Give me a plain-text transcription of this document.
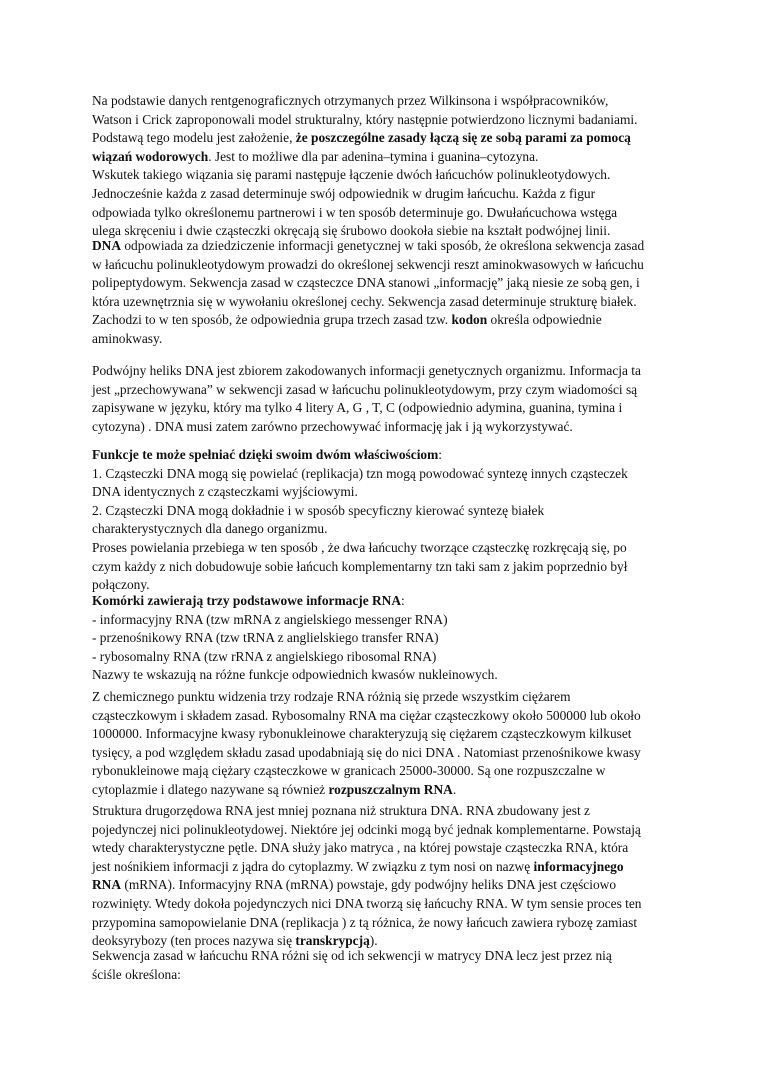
Na podstawie danych rentgenograficznych otrzymanych przez Wilkinsona i współpracowników,
Watson i Crick zaproponowali model strukturalny, który następnie potwierdzono licznymi badaniami.
Podstawą tego modelu jest założenie, że poszczególne zasady łączą się ze sobą parami za pomocą
wiązań wodorowych. Jest to możliwe dla par adenina–tymina i guanina–cytozyna.
Wskutek takiego wiązania się parami następuje łączenie dwóch łańcuchów polinukleotydowych.
Jednocześnie każda z zasad determinuje swój odpowiednik w drugim łańcuchu. Każda z figur
odpowiada tylko określonemu partnerowi i w ten sposób determinuje go. Dwułańcuchowa wstęga
ulega skręceniu i dwie cząsteczki okręcają się śrubowo dookoła siebie na kształt podwójnej linii.

DNA odpowiada za dziedziczenie informacji genetycznej w taki sposób, że określona sekwencja zasad
w łańcuchu polinukleotydowym prowadzi do określonej sekwencji reszt aminokwasowych w łańcuchu
polipeptydowym. Sekwencja zasad w cząsteczce DNA stanowi „informację” jaką niesie ze sobą gen, i
która uzewnętrznia się w wywołaniu określonej cechy. Sekwencja zasad determinuje strukturę białek.
Zachodzi to w ten sposób, że odpowiednia grupa trzech zasad tzw. kodon określa odpowiednie
aminokwasy.

Podwójny heliks DNA jest zbiorem zakodowanych informacji genetycznych organizmu. Informacja ta
jest „przechowywana” w sekwencji zasad w łańcuchu polinukleotydowym, przy czym wiadomości są
zapisywane w języku, który ma tylko 4 litery A, G , T, C (odpowiednio adymina, guanina, tymina i
cytozyna) . DNA musi zatem zarówno przechowywać informację jak i ją wykorzystywać.

Funkcje te może spełniać dzięki swoim dwóm właściwościom:
1. Cząsteczki DNA mogą się powielać (replikacja) tzn mogą powodować syntezę innych cząsteczek
DNA identycznych z cząsteczkami wyjściowymi.
2. Cząsteczki DNA mogą dokładnie i w sposób specyficzny kierować syntezę białek
charakterystycznych dla danego organizmu.
Proses powielania przebiega w ten sposób , że dwa łańcuchy tworzące cząsteczkę rozkręcają się, po
czym każdy z nich dobudowuje sobie łańcuch komplementarny tzn taki sam z jakim poprzednio był
połączony.

Komórki zawierają trzy podstawowe informacje RNA:
- informacyjny RNA (tzw mRNA z angielskiego messenger RNA)
- przenośnikowy RNA (tzw tRNA z anglielskiego transfer RNA)
- rybosomalny RNA (tzw rRNA z angielskiego ribosomal RNA)
Nazwy te wskazują na różne funkcje odpowiednich kwasów nukleinowych.

Z chemicznego punktu widzenia trzy rodzaje RNA różnią się przede wszystkim ciężarem
cząsteczkowym i składem zasad. Rybosomalny RNA ma ciężar cząsteczkowy około 500000 lub około
1000000. Informacyjne kwasy rybonukleinowe charakteryzują się ciężarem cząsteczkowym kilkuset
tysięcy, a pod względem składu zasad upodabniają się do nici DNA . Natomiast przenośnikowe kwasy
rybonukleinowe mają ciężary cząsteczkowe w granicach 25000-30000. Są one rozpuszczalne w
cytoplazmie i dlatego nazywane są również rozpuszczalnym RNA.

Struktura drugorzędowa RNA jest mniej poznana niż struktura DNA. RNA zbudowany jest z
pojedynczej nici polinukleotydowej. Niektóre jej odcinki mogą być jednak komplementarne. Powstają
wtedy charakterystyczne pętle. DNA służy jako matryca , na której powstaje cząsteczka RNA, która
jest nośnikiem informacji z jądra do cytoplazmy. W związku z tym nosi on nazwę informacyjnego
RNA (mRNA). Informacyjny RNA (mRNA) powstaje, gdy podwójny heliks DNA jest częściowo
rozwinięty. Wtedy dokoła pojedynczych nici DNA tworzą się łańcuchy RNA. W tym sensie proces ten
przypomina samopowielanie DNA (replikacja ) z tą różnica, że nowy łańcuch zawiera rybozę zamiast
deoksyrybozy (ten proces nazywa się transkrypcją).

Sekwencja zasad w łańcuchu RNA różni się od ich sekwencji w matrycy DNA lecz jest przez nią
ściśle określona:
